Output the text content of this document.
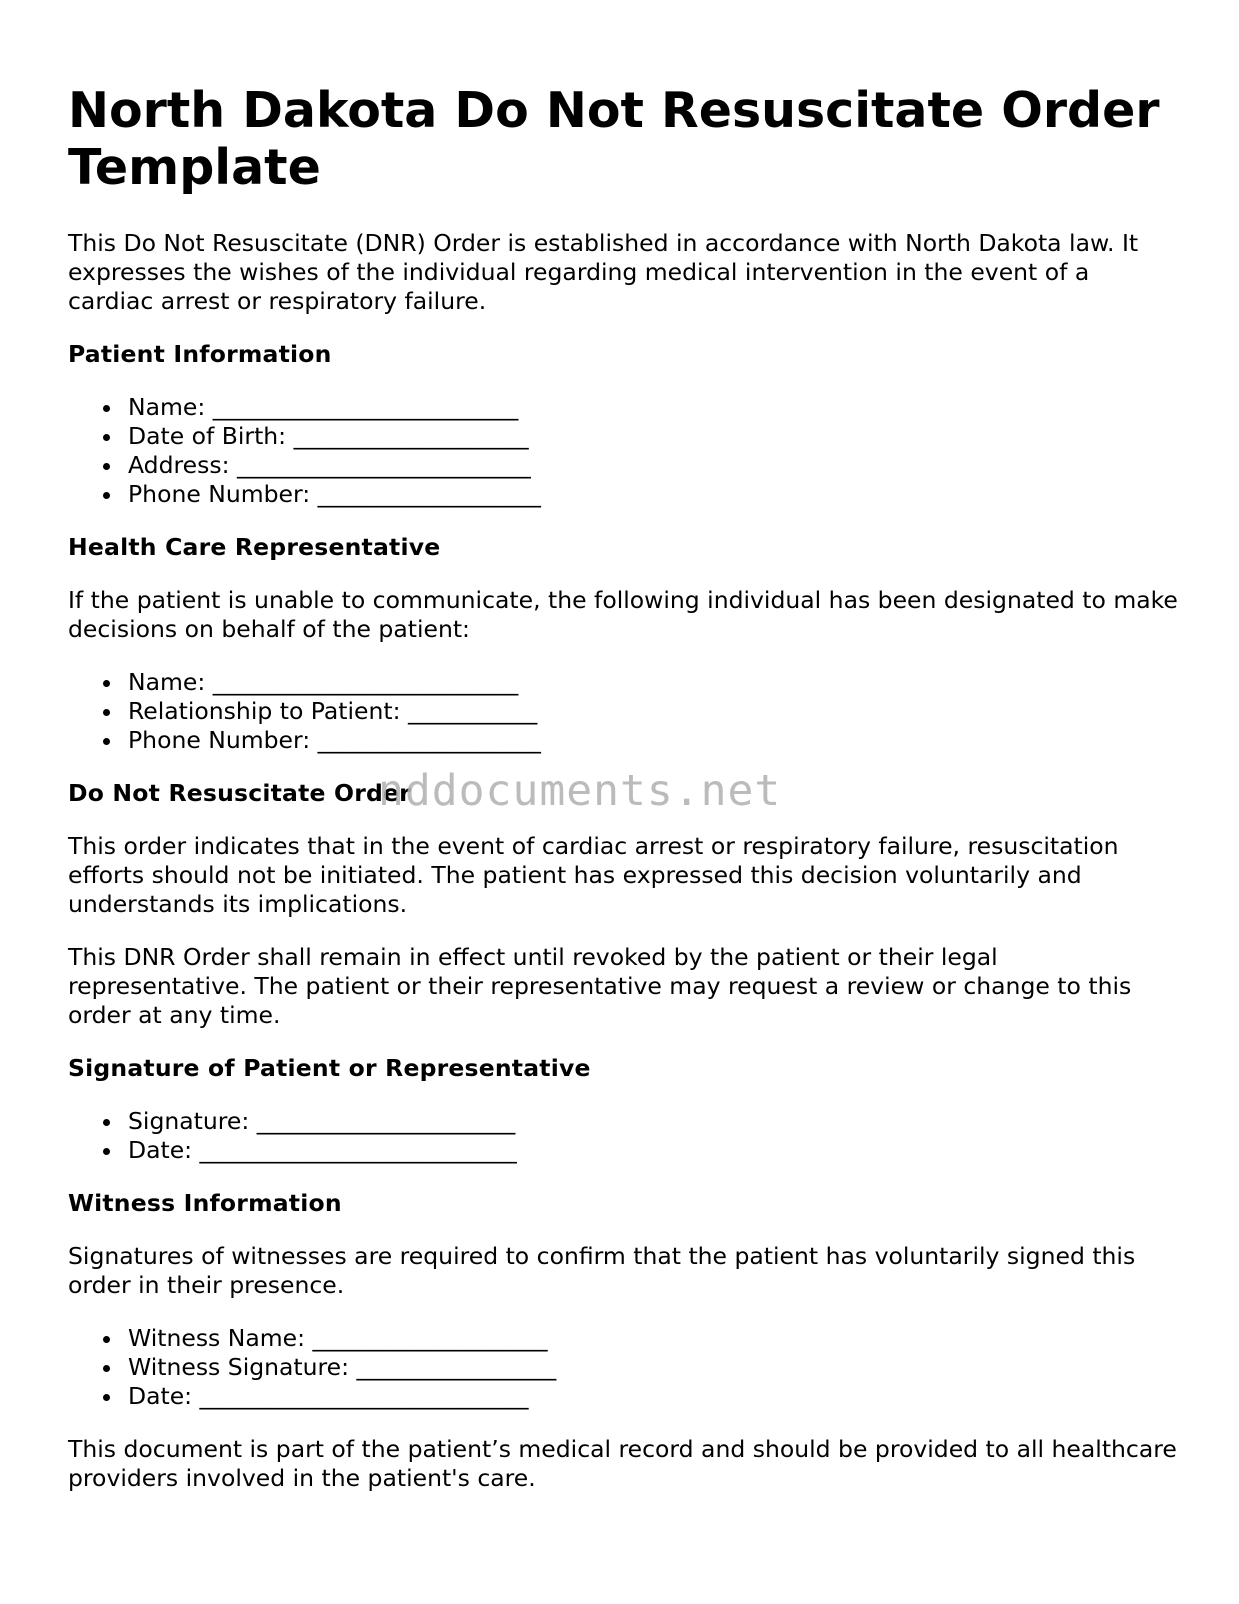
North Dakota Do Not Resuscitate Order Template

This Do Not Resuscitate (DNR) Order is established in accordance with North Dakota law. It expresses the wishes of the individual regarding medical intervention in the event of a cardiac arrest or respiratory failure.

Patient Information
Name: __________________________
Date of Birth: ____________________
Address: _________________________
Phone Number: ___________________
Health Care Representative

If the patient is unable to communicate, the following individual has been designated to make decisions on behalf of the patient:

Name: __________________________
Relationship to Patient: ___________
Phone Number: ___________________
Do Not Resuscitate Order

This order indicates that in the event of cardiac arrest or respiratory failure, resuscitation efforts should not be initiated. The patient has expressed this decision voluntarily and understands its implications.

This DNR Order shall remain in effect until revoked by the patient or their legal representative. The patient or their representative may request a review or change to this order at any time.

Signature of Patient or Representative
Signature: ______________________
Date: ___________________________
Witness Information

Signatures of witnesses are required to confirm that the patient has voluntarily signed this order in their presence.

Witness Name: ____________________
Witness Signature: _________________
Date: ____________________________

This document is part of the patient’s medical record and should be provided to all healthcare providers involved in the patient's care.

nddocuments.net
